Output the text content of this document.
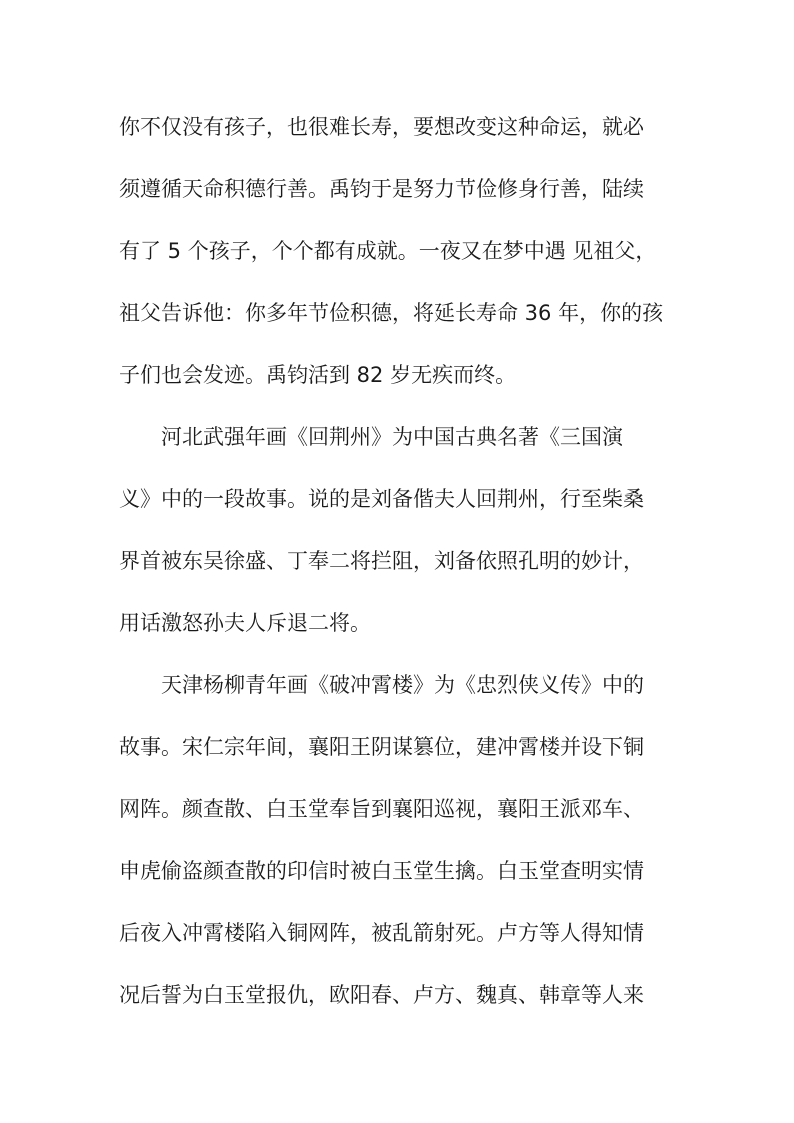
你不仅没有孩子，也很难长寿，要想改变这种命运，就必
须遵循天命积德行善。禹钧于是努力节俭修身行善，陆续
有了 5 个孩子，个个都有成就。一夜又在梦中遇 见祖父，
祖父告诉他：你多年节俭积德，将延长寿命 36 年，你的孩
子们也会发迹。禹钧活到 82 岁无疾而终。
河北武强年画《回荆州》为中国古典名著《三国演
义》中的一段故事。说的是刘备偕夫人回荆州，行至柴桑
界首被东吴徐盛、丁奉二将拦阻，刘备依照孔明的妙计，
用话激怒孙夫人斥退二将。
天津杨柳青年画《破冲霄楼》为《忠烈侠义传》中的
故事。宋仁宗年间，襄阳王阴谋篡位，建冲霄楼并设下铜
网阵。颜查散、白玉堂奉旨到襄阳巡视，襄阳王派邓车、
申虎偷盗颜查散的印信时被白玉堂生擒。白玉堂查明实情
后夜入冲霄楼陷入铜网阵，被乱箭射死。卢方等人得知情
况后誓为白玉堂报仇，欧阳春、卢方、魏真、韩章等人来
